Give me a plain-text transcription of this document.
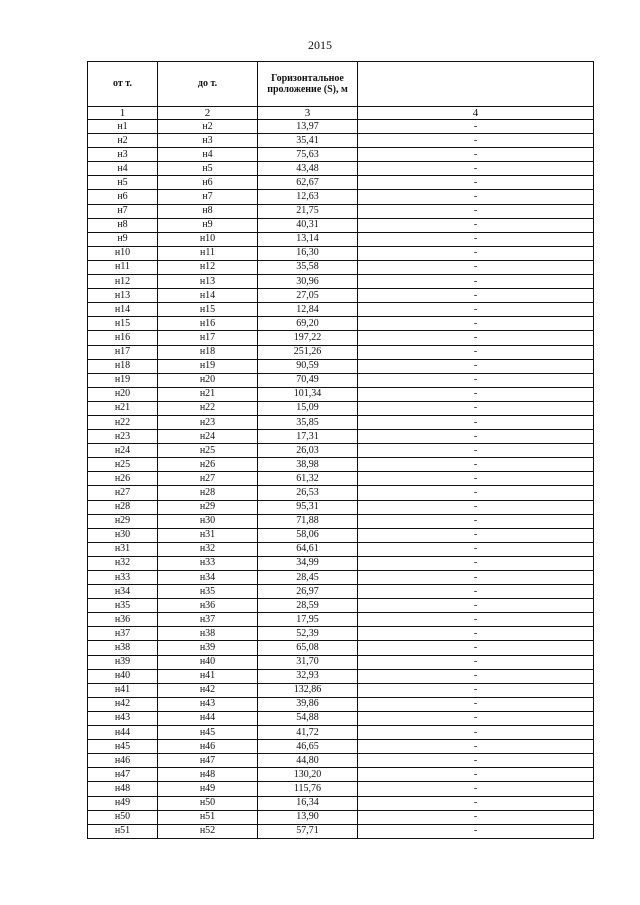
2015
от т.	до т.	Горизонтальное проложение (S), м	
1	2	3	4
н1	н2	13,97	-
н2	н3	35,41	-
н3	н4	75,63	-
н4	н5	43,48	-
н5	н6	62,67	-
н6	н7	12,63	-
н7	н8	21,75	-
н8	н9	40,31	-
н9	н10	13,14	-
н10	н11	16,30	-
н11	н12	35,58	-
н12	н13	30,96	-
н13	н14	27,05	-
н14	н15	12,84	-
н15	н16	69,20	-
н16	н17	197,22	-
н17	н18	251,26	-
н18	н19	90,59	-
н19	н20	70,49	-
н20	н21	101,34	-
н21	н22	15,09	-
н22	н23	35,85	-
н23	н24	17,31	-
н24	н25	26,03	-
н25	н26	38,98	-
н26	н27	61,32	-
н27	н28	26,53	-
н28	н29	95,31	-
н29	н30	71,88	-
н30	н31	58,06	-
н31	н32	64,61	-
н32	н33	34,99	-
н33	н34	28,45	-
н34	н35	26,97	-
н35	н36	28,59	-
н36	н37	17,95	-
н37	н38	52,39	-
н38	н39	65,08	-
н39	н40	31,70	-
н40	н41	32,93	-
н41	н42	132,86	-
н42	н43	39,86	-
н43	н44	54,88	-
н44	н45	41,72	-
н45	н46	46,65	-
н46	н47	44,80	-
н47	н48	130,20	-
н48	н49	115,76	-
н49	н50	16,34	-
н50	н51	13,90	-
н51	н52	57,71	-
